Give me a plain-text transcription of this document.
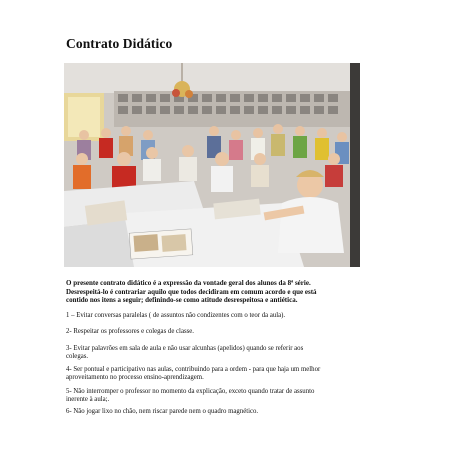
Contrato Didático

O presente contrato didático é a expressão da vontade geral dos alunos da 8ª série.

Desrespeitá-lo é contrariar aquilo que todos decidiram em comum acordo e que está

contido nos itens a seguir; definindo-se como atitude desrespeitosa e antiética.

1 – Evitar conversas paralelas ( de assuntos não condizentes com o teor da aula).

2- Respeitar os professores e colegas de classe.

3- Evitar palavrões em sala de aula e não usar alcunhas (apelidos) quando se referir aos

colegas.

4- Ser pontual e participativo nas aulas, contribuindo para a ordem - para que haja um melhor

aproveitamento no processo ensino-aprendizagem.

5- Não interromper o professor no momento da explicação, exceto quando tratar de assunto

inerente à aula;.

6- Não jogar lixo no chão, nem riscar parede nem o quadro magnético.
